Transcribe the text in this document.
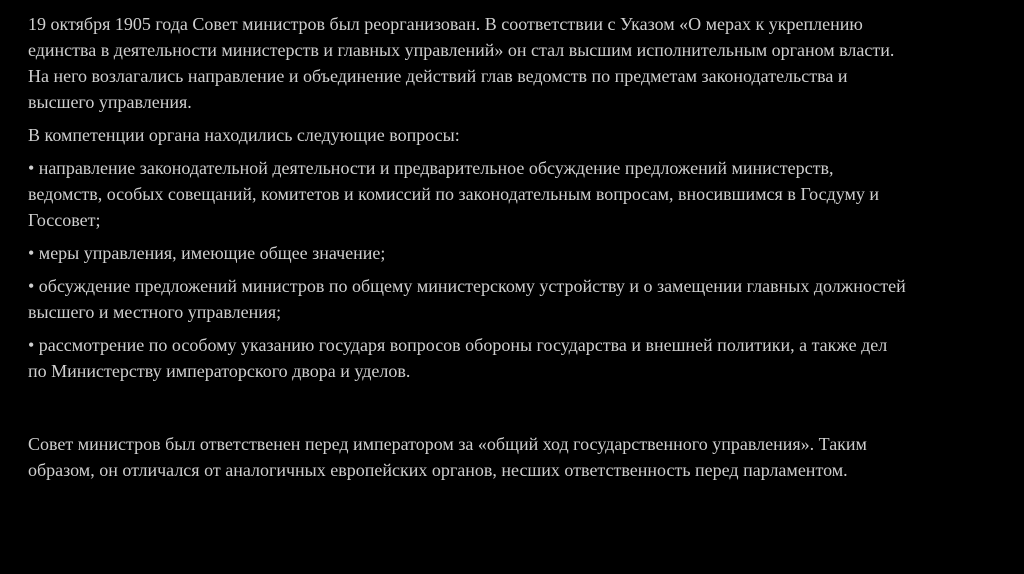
19 октября 1905 года Совет министров был реорганизован. В соответствии с Указом «О мерах к укреплению единства в деятельности министерств и главных управлений» он стал высшим исполнительным органом власти. На него возлагались направление и объединение действий глав ведомств по предметам законодательства и высшего управления.

В компетенции органа находились следующие вопросы:

• направление законодательной деятельности и предварительное обсуждение предложений министерств, ведомств, особых совещаний, комитетов и комиссий по законодательным вопросам, вносившимся в Госдуму и Госсовет;

• меры управления, имеющие общее значение;

• обсуждение предложений министров по общему министерскому устройству и о замещении главных должностей высшего и местного управления;

• рассмотрение по особому указанию государя вопросов обороны государства и внешней политики, а также дел по Министерству императорского двора и уделов.

Совет министров был ответственен перед императором за «общий ход государственного управления». Таким образом, он отличался от аналогичных европейских органов, несших ответственность перед парламентом.
